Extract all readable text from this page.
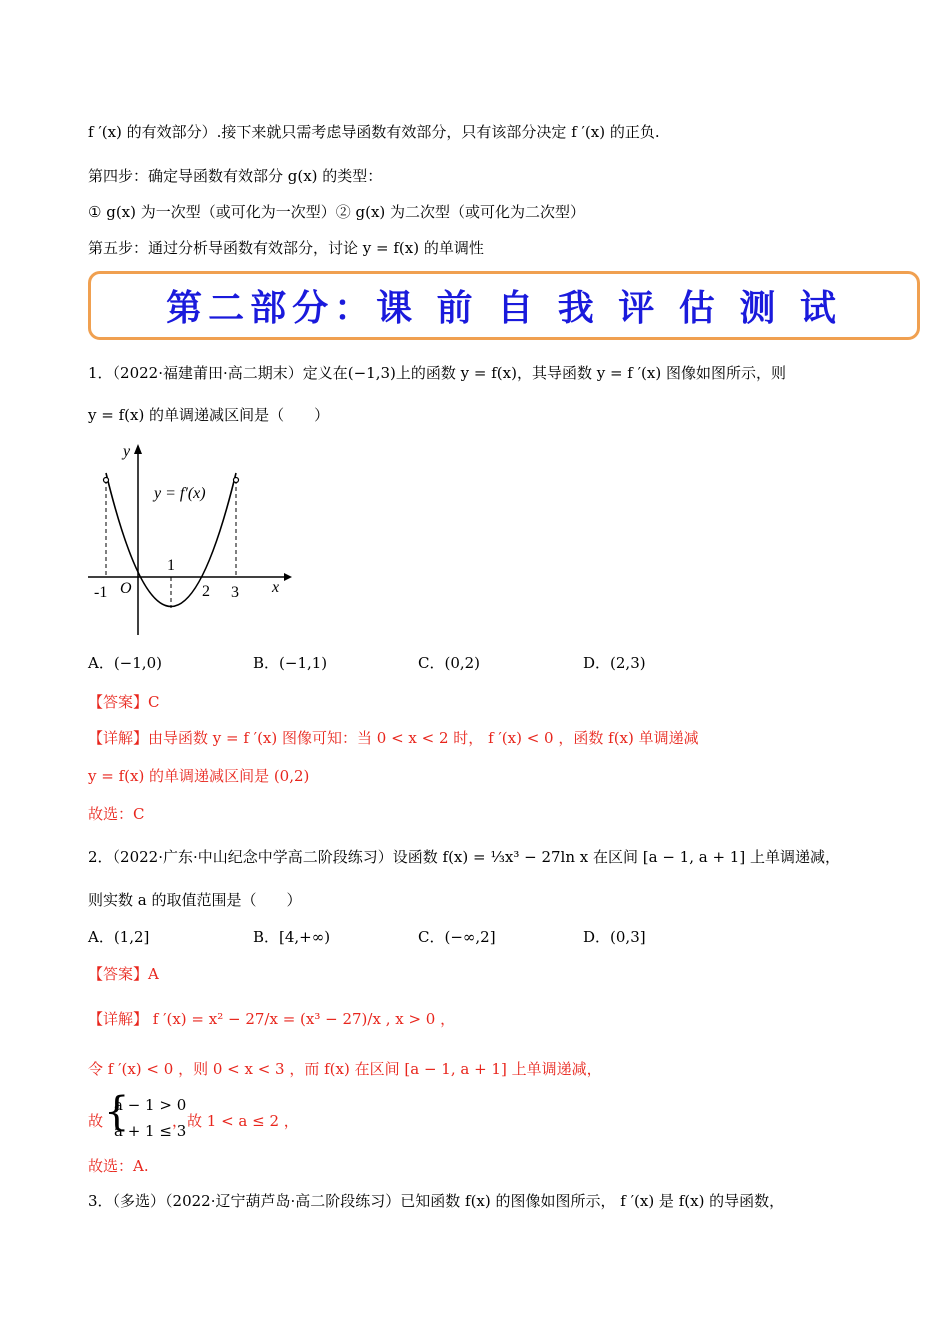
f ′(x) 的有效部分）.接下来就只需考虑导函数有效部分，只有该部分决定 f ′(x) 的正负.
第四步：确定导函数有效部分 g(x) 的类型：
① g(x) 为一次型（或可化为一次型）② g(x) 为二次型（或可化为二次型）
第五步：通过分析导函数有效部分，讨论 y = f(x) 的单调性
第二部分：课 前 自 我 评 估 测 试
1．（2022·福建莆田·高二期末）定义在(−1,3)上的函数 y = f(x)，其导函数 y = f ′(x) 图像如图所示，则
y = f(x) 的单调递减区间是（　　）
y
x
y = f′(x)
O
-1
1
2 3
A．(−1,0)	B．(−1,1)	C．(0,2)	D．(2,3)
【答案】C
【详解】由导函数 y = f ′(x) 图像可知：当 0 < x < 2 时， f ′(x) < 0 ，函数 f(x) 单调递减
y = f(x) 的单调递减区间是 (0,2)
故选：C
2．（2022·广东·中山纪念中学高二阶段练习）设函数 f(x) = ⅓x³ − 27ln x 在区间 [a − 1, a + 1] 上单调递减，
则实数 a 的取值范围是（　　）
A．(1,2]	B．[4,+∞)	C．(−∞,2]	D．(0,3]
【答案】A
【详解】 f ′(x) = x² − 27/x = (x³ − 27)/x , x > 0 ，
令 f ′(x) < 0 ，则 0 < x < 3 ，而 f(x) 在区间 [a − 1, a + 1] 上单调递减，
故 {
a − 1 > 0
a + 1 ≤ 3
，故 1 < a ≤ 2 ，
故选：A.
3．（多选）（2022·辽宁葫芦岛·高二阶段练习）已知函数 f(x) 的图像如图所示， f ′(x) 是 f(x) 的导函数，
